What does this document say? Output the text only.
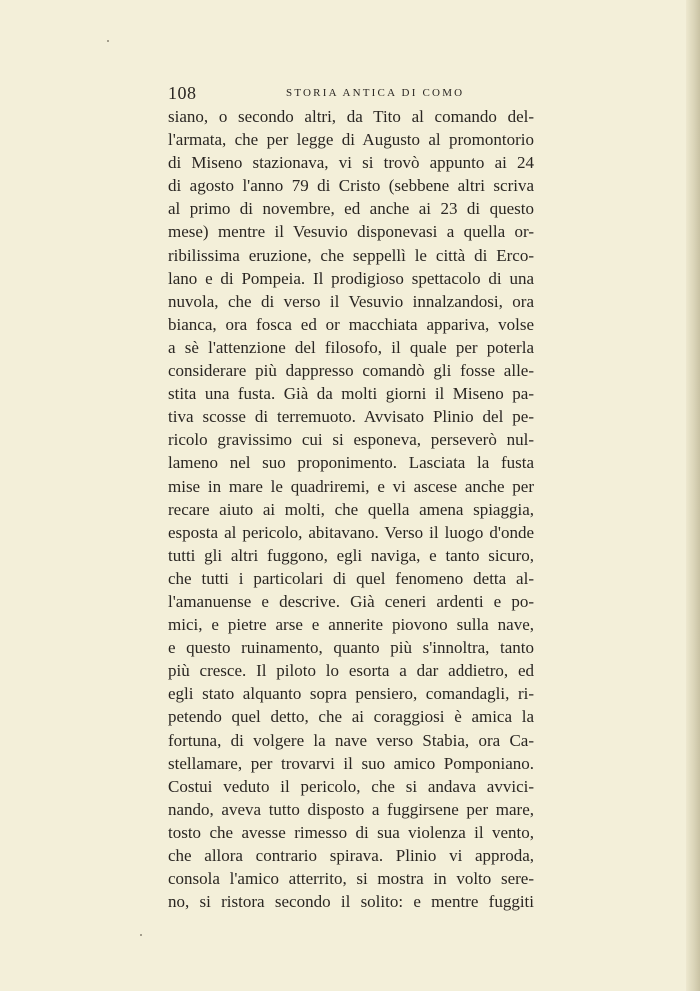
108	STORIA ANTICA DI COMO
siano, o secondo altri, da Tito al comando del-
l'armata, che per legge di Augusto al promontorio
di Miseno stazionava, vi si trovò appunto ai 24
di agosto l'anno 79 di Cristo (sebbene altri scriva
al primo di novembre, ed anche ai 23 di questo
mese) mentre il Vesuvio disponevasi a quella or-
ribilissima eruzione, che seppellì le città di Erco-
lano e di Pompeia. Il prodigioso spettacolo di una
nuvola, che di verso il Vesuvio innalzandosi, ora
bianca, ora fosca ed or macchiata appariva, volse
a sè l'attenzione del filosofo, il quale per poterla
considerare più dappresso comandò gli fosse alle-
stita una fusta. Già da molti giorni il Miseno pa-
tiva scosse di terremuoto. Avvisato Plinio del pe-
ricolo gravissimo cui si esponeva, perseverò nul-
lameno nel suo proponimento. Lasciata la fusta
mise in mare le quadriremi, e vi ascese anche per
recare aiuto ai molti, che quella amena spiaggia,
esposta al pericolo, abitavano. Verso il luogo d'onde
tutti gli altri fuggono, egli naviga, e tanto sicuro,
che tutti i particolari di quel fenomeno detta al-
l'amanuense e descrive. Già ceneri ardenti e po-
mici, e pietre arse e annerite piovono sulla nave,
e questo ruinamento, quanto più s'innoltra, tanto
più cresce. Il piloto lo esorta a dar addietro, ed
egli stato alquanto sopra pensiero, comandagli, ri-
petendo quel detto, che ai coraggiosi è amica la
fortuna, di volgere la nave verso Stabia, ora Ca-
stellamare, per trovarvi il suo amico Pomponiano.
Costui veduto il pericolo, che si andava avvici-
nando, aveva tutto disposto a fuggirsene per mare,
tosto che avesse rimesso di sua violenza il vento,
che allora contrario spirava. Plinio vi approda,
consola l'amico atterrito, si mostra in volto sere-
no, si ristora secondo il solito: e mentre fuggiti
